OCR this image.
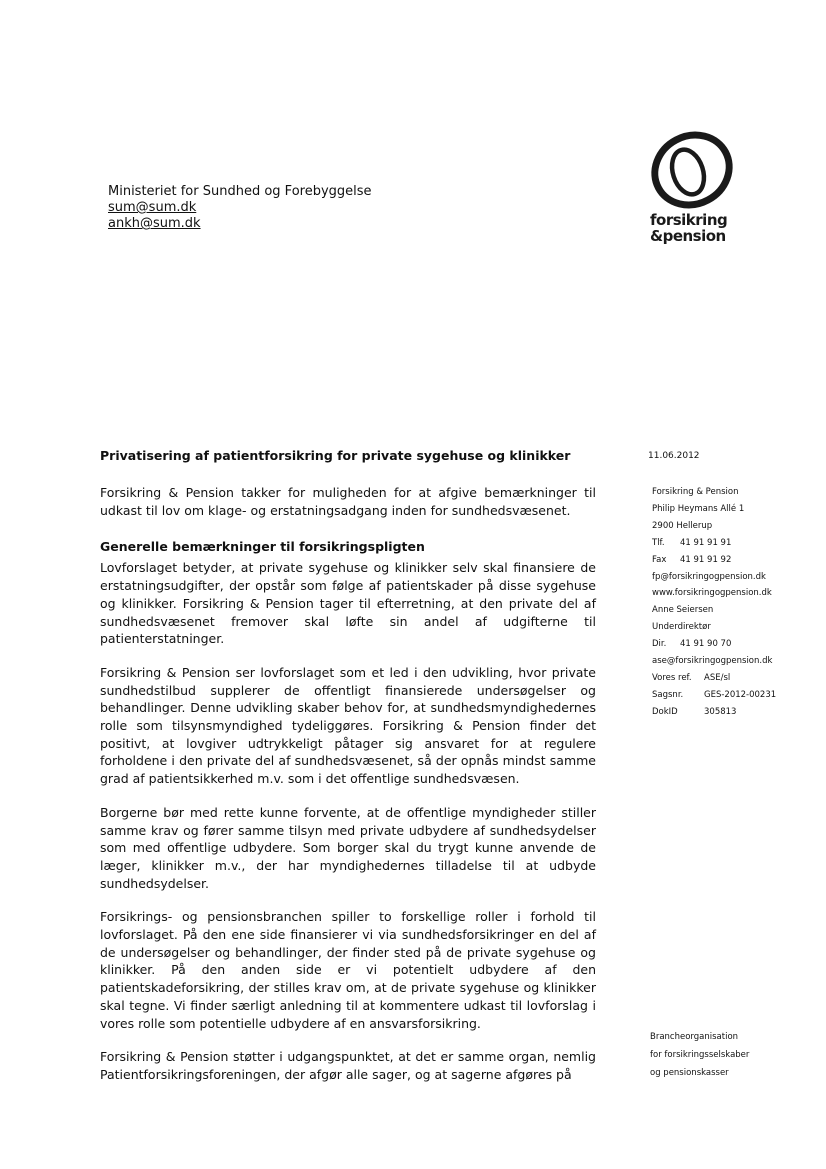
Ministeriet for Sundhed og Forebyggelse
sum@sum.dk
ankh@sum.dk	forsikring
&pension
11.06.2012
Forsikring & Pension
Philip Heymans Allé 1
2900 Hellerup
Tlf. 41 91 91 91
Fax 41 91 91 92
fp@forsikringogpension.dk
www.forsikringogpension.dk
Anne Seiersen
Underdirektør
Dir. 41 91 90 70
ase@forsikringogpension.dk
Vores ref. ASE/sl
Sagsnr. GES-2012-00231
DokID	305813
Privatisering af patientforsikring for private sygehuse og klinikker

Forsikring & Pension takker for muligheden for at afgive bemærkninger til udkast til lov om klage- og erstatningsadgang inden for sundhedsvæsenet.

Generelle bemærkninger til forsikringspligten

Lovforslaget betyder, at private sygehuse og klinikker selv skal finansiere de erstatningsudgifter, der opstår som følge af patientskader på disse sygehuse og klinikker. Forsikring & Pension tager til efterretning, at den private del af sundhedsvæsenet fremover skal løfte sin andel af udgifterne til patienterstatninger.

Forsikring & Pension ser lovforslaget som et led i den udvikling, hvor private sundhedstilbud supplerer de offentligt finansierede undersøgelser og behandlinger. Denne udvikling skaber behov for, at sundhedsmyndighedernes rolle som tilsynsmyndighed tydeliggøres. Forsikring & Pension finder det positivt, at lovgiver udtrykkeligt påtager sig ansvaret for at regulere forholdene i den private del af sundhedsvæsenet, så der opnås mindst samme grad af patientsikkerhed m.v. som i det offentlige sundhedsvæsen.

Borgerne bør med rette kunne forvente, at de offentlige myndigheder stiller samme krav og fører samme tilsyn med private udbydere af sundhedsydelser som med offentlige udbydere. Som borger skal du trygt kunne anvende de læger, klinikker m.v., der har myndighedernes tilladelse til at udbyde sundhedsydelser.

Forsikrings- og pensionsbranchen spiller to forskellige roller i forhold til lovforslaget. På den ene side finansierer vi via sundhedsforsikringer en del af de undersøgelser og behandlinger, der finder sted på de private sygehuse og klinikker. På den anden side er vi potentielt udbydere af den patientskadeforsikring, der stilles krav om, at de private sygehuse og klinikker skal tegne. Vi finder særligt anledning til at kommentere udkast til lovforslag i vores rolle som potentielle udbydere af en ansvarsforsikring.

Forsikring & Pension støtter i udgangspunktet, at det er samme organ, nemlig Patientforsikringsforeningen, der afgør alle sager, og at sagerne afgøres på

Brancheorganisation
for forsikringsselskaber
og pensionskasser
